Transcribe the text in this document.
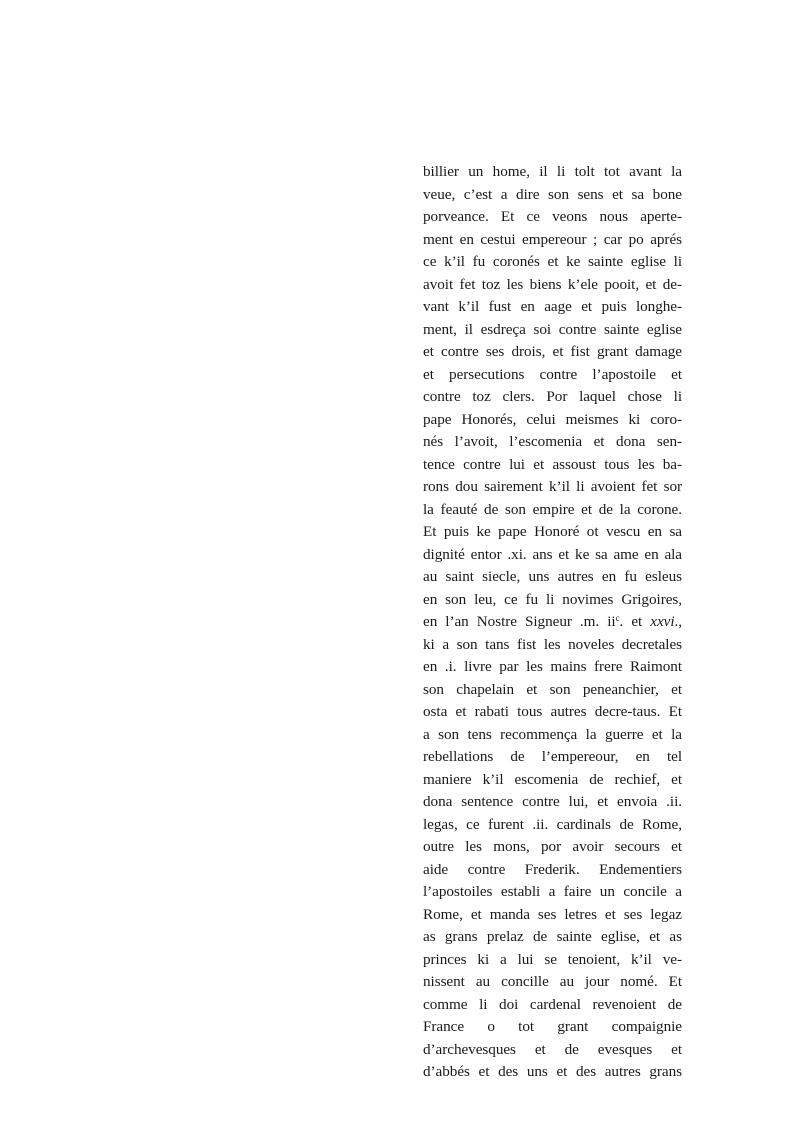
billier un home, il li tolt tot avant la
veue, c’est a dire son sens et sa bone
porveance. Et ce veons nous aperte-
ment en cestui empereour ; car po aprés
ce k’il fu coronés et ke sainte eglise li
avoit fet toz les biens k’ele pooit, et de-
vant k’il fust en aage et puis longhe-
ment, il esdreça soi contre sainte eglise
et contre ses drois, et fist grant damage
et persecutions contre l’apostoile et
contre toz clers. Por laquel chose li
pape Honorés, celui meismes ki coro-
nés l’avoit, l’escomenia et dona sen-
tence contre lui et assoust tous les ba-
rons dou sairement k’il li avoient fet sor
la feauté de son empire et de la corone.
Et puis ke pape Honoré ot vescu en sa
dignité entor .xi. ans et ke sa ame en ala
au saint siecle, uns autres en fu esleus
en son leu, ce fu li novimes Grigoires,
en l’an Nostre Signeur .m. $ii^c$. et xxvi.,
ki a son tans fist les noveles decretales
en .i. livre par les mains frere Raimont
son chapelain et son peneanchier, et
osta et rabati tous autres decre-taus. Et
a son tens recommença la guerre et la
rebellations de l’empereour, en tel
maniere k’il escomenia de rechief, et
dona sentence contre lui, et envoia .ii.
legas, ce furent .ii. cardinals de Rome,
outre les mons, por avoir secours et
aide contre Frederik. Endementiers
l’apostoiles establi a faire un concile a
Rome, et manda ses letres et ses legaz
as grans prelaz de sainte eglise, et as
princes ki a lui se tenoient, k’il ve-
nissent au concille au jour nomé. Et
comme li doi cardenal revenoient de
France o tot grant compaignie
d’archevesques et de evesques et
d’abbés et des uns et des autres grans
